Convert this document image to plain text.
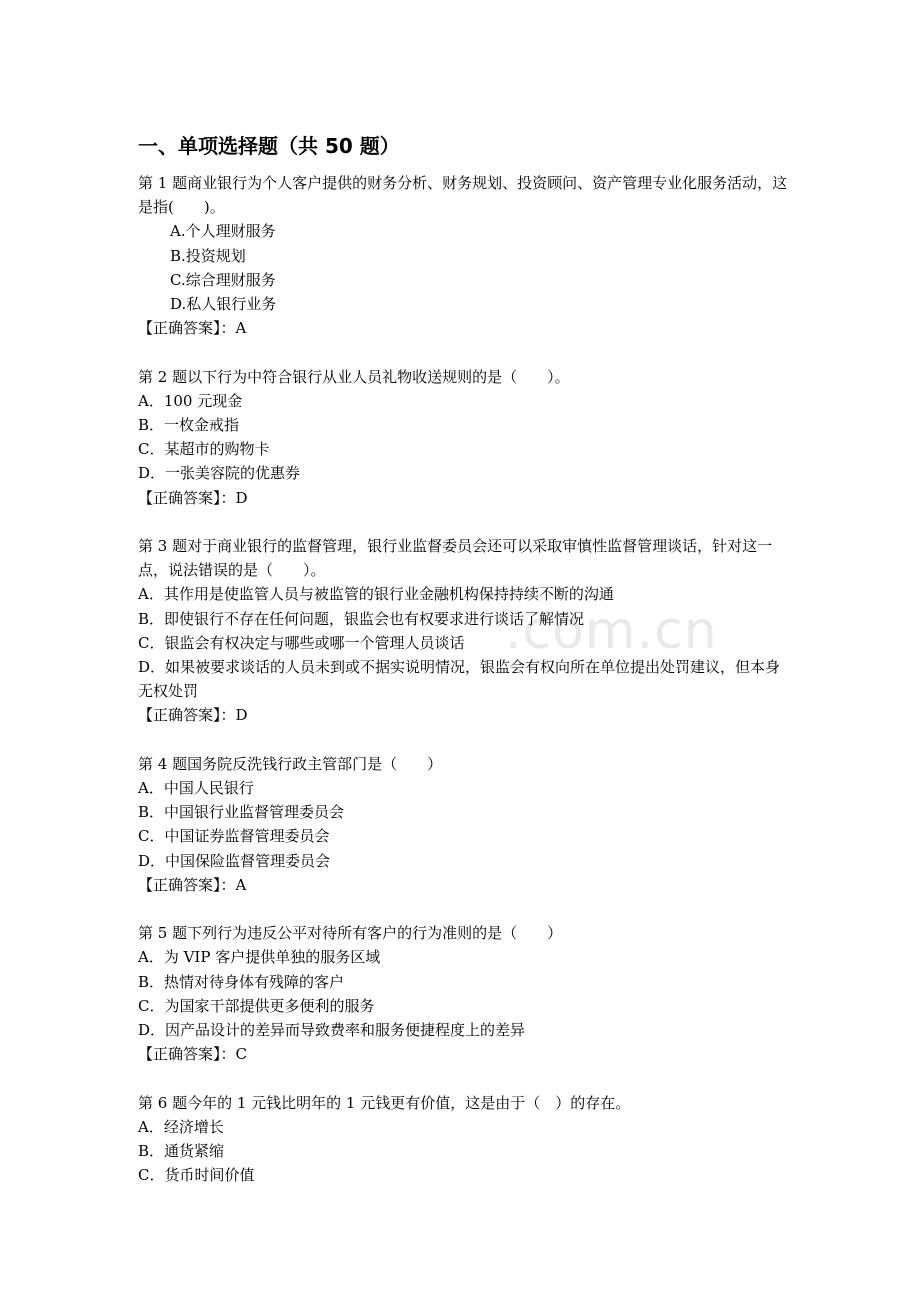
.com.cn
一、单项选择题（共 50 题）

第 1 题商业银行为个人客户提供的财务分析、财务规划、投资顾问、资产管理专业化服务活动，这是指(　　)。

A.个人理财服务
B.投资规划
C.综合理财服务
D.私人银行业务

【正确答案】：A

第 2 题以下行为中符合银行从业人员礼物收送规则的是（　　）。

A．100 元现金
B．一枚金戒指
C．某超市的购物卡
D．一张美容院的优惠券

【正确答案】：D

第 3 题对于商业银行的监督管理，银行业监督委员会还可以采取审慎性监督管理谈话，针对这一点，说法错误的是（　　）。

A．其作用是使监管人员与被监管的银行业金融机构保持持续不断的沟通
B．即使银行不存在任何问题，银监会也有权要求进行谈话了解情况
C．银监会有权决定与哪些或哪一个管理人员谈话
D．如果被要求谈话的人员未到或不据实说明情况，银监会有权向所在单位提出处罚建议，但本身无权处罚

【正确答案】：D

第 4 题国务院反洗钱行政主管部门是（　　）

A．中国人民银行
B．中国银行业监督管理委员会
C．中国证券监督管理委员会
D．中国保险监督管理委员会

【正确答案】：A

第 5 题下列行为违反公平对待所有客户的行为准则的是（　　）

A．为 VIP 客户提供单独的服务区域
B．热情对待身体有残障的客户
C．为国家干部提供更多便利的服务
D．因产品设计的差异而导致费率和服务便捷程度上的差异

【正确答案】：C

第 6 题今年的 1 元钱比明年的 1 元钱更有价值，这是由于（　）的存在。

A．经济增长
B．通货紧缩
C．货币时间价值
